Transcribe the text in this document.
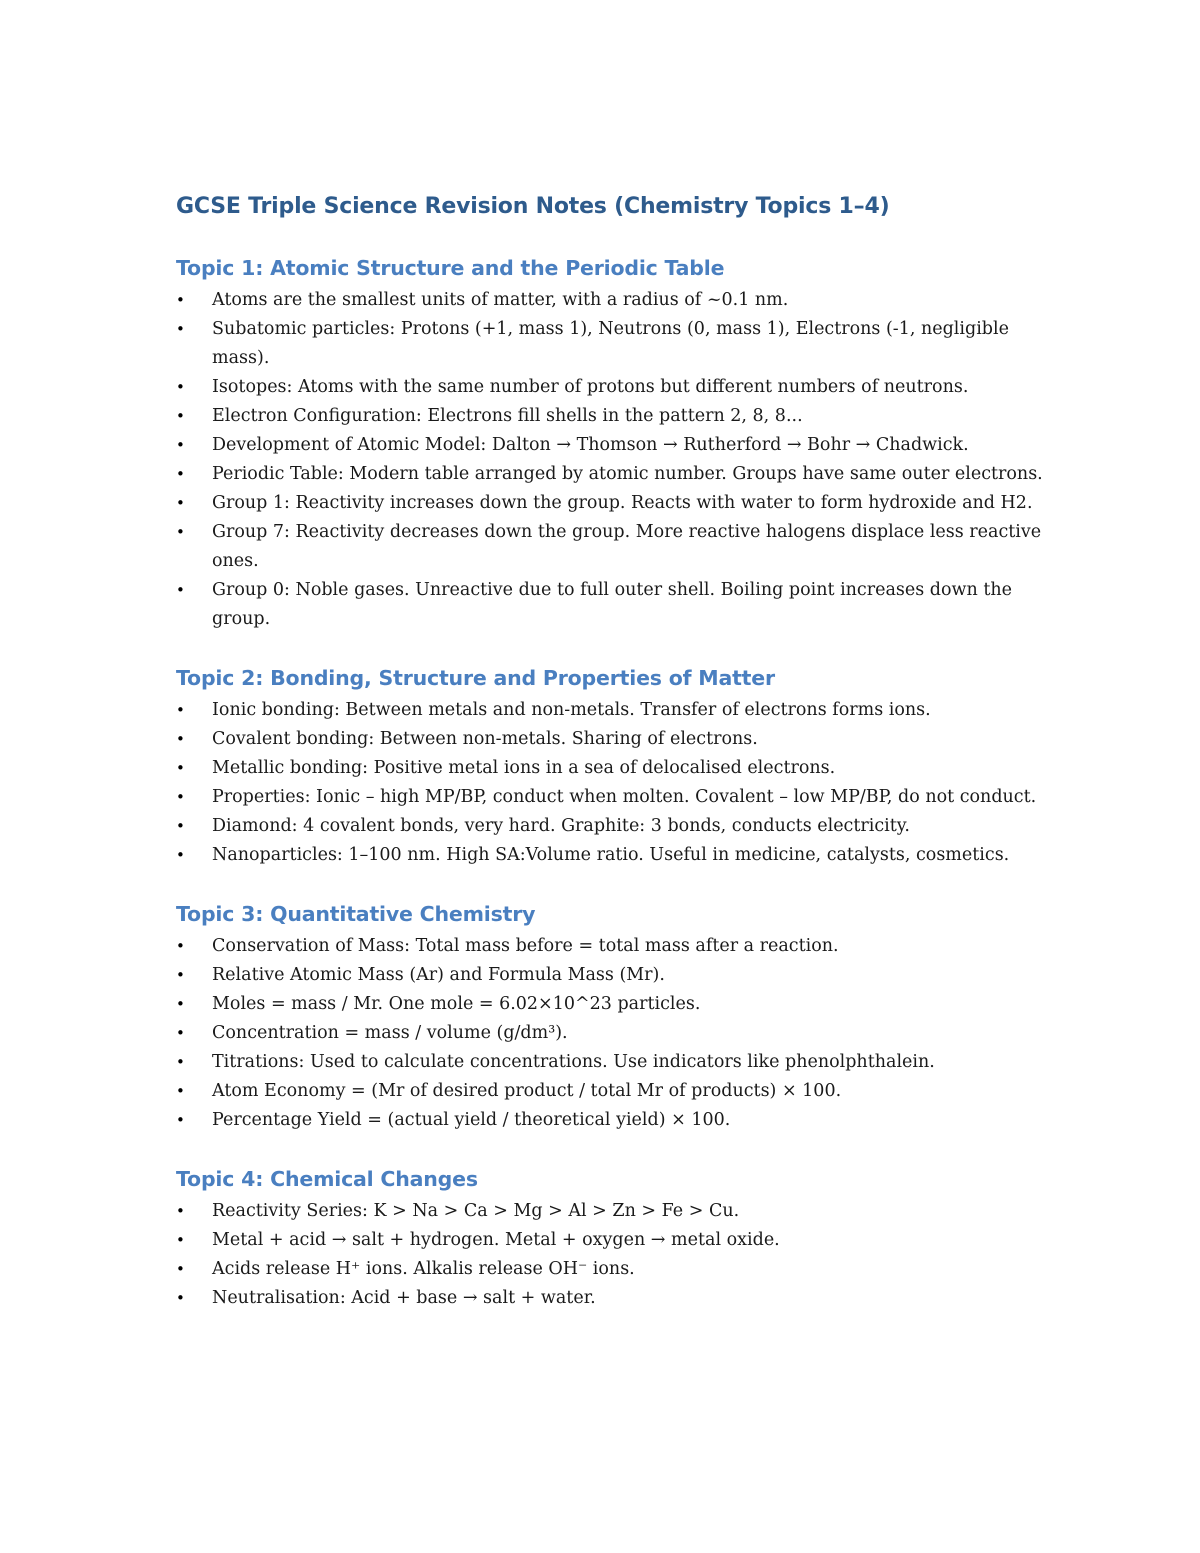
GCSE Triple Science Revision Notes (Chemistry Topics 1–4)
Topic 1: Atomic Structure and the Periodic Table
• Atoms are the smallest units of matter, with a radius of ~0.1 nm.
• Subatomic particles: Protons (+1, mass 1), Neutrons (0, mass 1), Electrons (-1, negligible mass).
• Isotopes: Atoms with the same number of protons but different numbers of neutrons.
• Electron Configuration: Electrons fill shells in the pattern 2, 8, 8...
• Development of Atomic Model: Dalton → Thomson → Rutherford → Bohr → Chadwick.
• Periodic Table: Modern table arranged by atomic number. Groups have same outer electrons.
• Group 1: Reactivity increases down the group. Reacts with water to form hydroxide and H2.
• Group 7: Reactivity decreases down the group. More reactive halogens displace less reactive ones.
• Group 0: Noble gases. Unreactive due to full outer shell. Boiling point increases down the group.
Topic 2: Bonding, Structure and Properties of Matter
• Ionic bonding: Between metals and non-metals. Transfer of electrons forms ions.
• Covalent bonding: Between non-metals. Sharing of electrons.
• Metallic bonding: Positive metal ions in a sea of delocalised electrons.
• Properties: Ionic – high MP/BP, conduct when molten. Covalent – low MP/BP, do not conduct.
• Diamond: 4 covalent bonds, very hard. Graphite: 3 bonds, conducts electricity.
• Nanoparticles: 1–100 nm. High SA:Volume ratio. Useful in medicine, catalysts, cosmetics.
Topic 3: Quantitative Chemistry
• Conservation of Mass: Total mass before = total mass after a reaction.
• Relative Atomic Mass (Ar) and Formula Mass (Mr).
• Moles = mass / Mr. One mole = 6.02×10^23 particles.
• Concentration = mass / volume (g/dm³).
• Titrations: Used to calculate concentrations. Use indicators like phenolphthalein.
• Atom Economy = (Mr of desired product / total Mr of products) × 100.
• Percentage Yield = (actual yield / theoretical yield) × 100.
Topic 4: Chemical Changes
• Reactivity Series: K > Na > Ca > Mg > Al > Zn > Fe > Cu.
• Metal + acid → salt + hydrogen. Metal + oxygen → metal oxide.
• Acids release H⁺ ions. Alkalis release OH⁻ ions.
• Neutralisation: Acid + base → salt + water.
